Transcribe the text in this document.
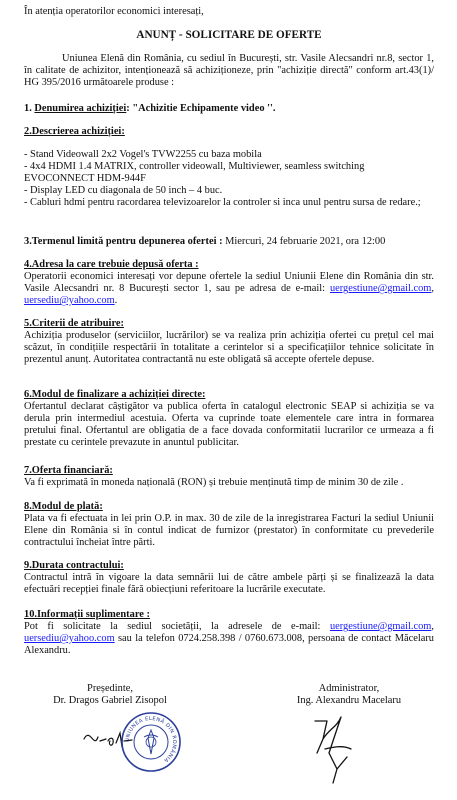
În atenția operatorilor economici interesați,

ANUNȚ - SOLICITARE DE OFERTE

Uniunea Elenă din România, cu sediul în București, str. Vasile Alecsandri nr.8, sector 1, în calitate de achizitor, intenționează să achiziționeze, prin "achiziție directă" conform art.43(1)/ HG 395/2016 următoarele produse :

1. Denumirea achiziției: "Achizitie Echipamente video ''.

2.Descrierea achiziției:

- Stand Videowall 2x2 Vogel's TVW2255 cu baza mobila
- 4x4 HDMI 1.4 MATRIX, controller videowall, Multiviewer, seamless switching EVOCONNECT HDM-944F
- Display LED cu diagonala de 50 inch – 4 buc.
- Cabluri hdmi pentru racordarea televizoarelor la controler si inca unul pentru sursa de redare.;

3.Termenul limită pentru depunerea ofertei : Miercuri, 24 februarie 2021, ora 12:00

4.Adresa la care trebuie depusă oferta :

Operatorii economici interesați vor depune ofertele la sediul Uniunii Elene din România din str. Vasile Alecsandri nr. 8 București sector 1, sau pe adresa de e-mail: uergestiune@gmail.com, uersediu@yahoo.com.

5.Criterii de atribuire:

Achiziția produselor (serviciilor, lucrărilor) se va realiza prin achiziția ofertei cu prețul cel mai scăzut, în condițiile respectării în totalitate a cerintelor si a specificațiilor tehnice solicitate în prezentul anunț. Autoritatea contractantă nu este obligată să accepte ofertele depuse.

6.Modul de finalizare a achiziției directe:

Ofertantul declarat câștigător va publica oferta în catalogul electronic SEAP si achiziția se va derula prin intermediul acestuia. Oferta va cuprinde toate elementele care intra in formarea pretului final. Ofertantul are obligatia de a face dovada conformitatii lucrarilor ce urmeaza a fi prestate cu cerintele prevazute in anuntul publicitar.

7.Oferta financiară:

Va fi exprimată în moneda națională (RON) și trebuie menținută timp de minim 30 de zile .

8.Modul de plată:

Plata va fi efectuata in lei prin O.P. in max. 30 de zile de la inregistrarea Facturi la sediul Uniunii Elene din România si în contul indicat de furnizor (prestator) în conformitate cu prevederile contractului încheiat între părti.

9.Durata contractului:

Contractul intră în vigoare la data semnării lui de către ambele părți și se finalizează la data efectuări recepției finale fără obiecțiuni referitoare la lucrările executate.

10.Informații suplimentare :

Pot fi solicitate la sediul societății, la adresele de e-mail: uergestiune@gmail.com, uersediu@yahoo.com sau la telefon 0724.258.398 / 0760.673.008, persoana de contact Măcelaru Alexandru.

Președinte,
Dr. Dragos Gabriel Zisopol
Administrator,
Ing. Alexandru Macelaru
UNIUNEA ELENĂ DIN ROMÂNIA
